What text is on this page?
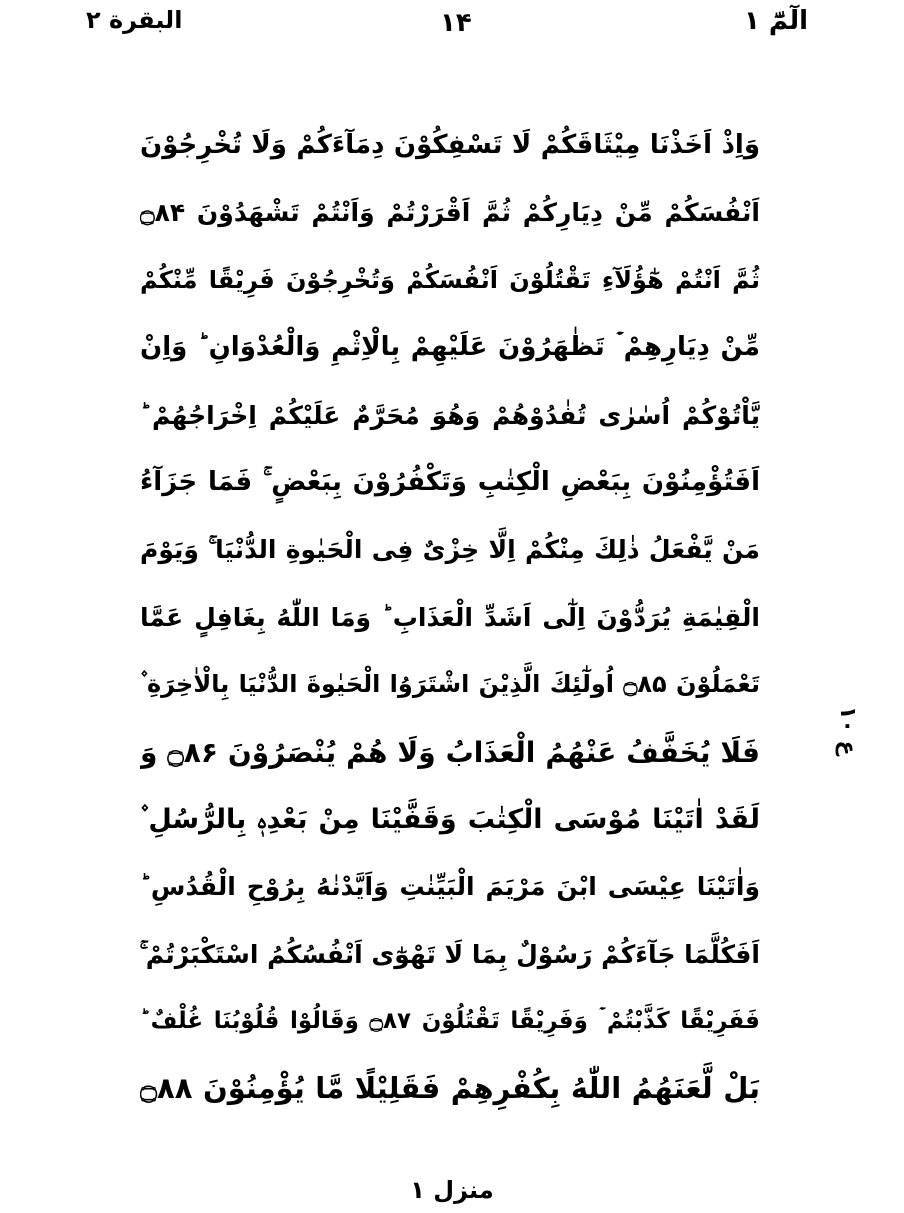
الٓمّٓ ۱
۱۴
البقرة ۲
وَاِذْ اَخَذْنَا مِيْثَاقَكُمْ لَا تَسْفِكُوْنَ دِمَآءَكُمْ وَلَا تُخْرِجُوْنَ
اَنْفُسَكُمْ مِّنْ دِيَارِكُمْ ثُمَّ اَقْرَرْتُمْ وَاَنْتُمْ تَشْهَدُوْنَ ۝۸۴
ثُمَّ اَنْتُمْ هٰٓؤُلَآءِ تَقْتُلُوْنَ اَنْفُسَكُمْ وَتُخْرِجُوْنَ فَرِيْقًا مِّنْكُمْ
مِّنْ دِيَارِهِمْ ۡ تَظٰهَرُوْنَ عَلَيْهِمْ بِالْاِثْمِ وَالْعُدْوَانِ ؕ وَاِنْ
يَّاْتُوْكُمْ اُسٰرٰى تُفٰدُوْهُمْ وَهُوَ مُحَرَّمٌ عَلَيْكُمْ اِخْرَاجُهُمْ ؕ
اَفَتُؤْمِنُوْنَ بِبَعْضِ الْكِتٰبِ وَتَكْفُرُوْنَ بِبَعْضٍ ۚ فَمَا جَزَآءُ
مَنْ يَّفْعَلُ ذٰلِكَ مِنْكُمْ اِلَّا خِزْىٌ فِى الْحَيٰوةِ الدُّنْيَا ۚ وَيَوْمَ
الْقِيٰمَةِ يُرَدُّوْنَ اِلٰٓى اَشَدِّ الْعَذَابِ ؕ وَمَا اللّٰهُ بِغَافِلٍ عَمَّا
تَعْمَلُوْنَ ۝۸۵ اُولٰٓئِكَ الَّذِيْنَ اشْتَرَوُا الْحَيٰوةَ الدُّنْيَا بِالْاٰخِرَةِ ۫
فَلَا يُخَفَّفُ عَنْهُمُ الْعَذَابُ وَلَا هُمْ يُنْصَرُوْنَ ۝۸۶ وَ
لَقَدْ اٰتَيْنَا مُوْسَى الْكِتٰبَ وَقَفَّيْنَا مِنْ بَعْدِهٖ بِالرُّسُلِ ۫
وَاٰتَيْنَا عِيْسَى ابْنَ مَرْيَمَ الْبَيِّنٰتِ وَاَيَّدْنٰهُ بِرُوْحِ الْقُدُسِ ؕ
اَفَكُلَّمَا جَآءَكُمْ رَسُوْلٌ بِمَا لَا تَهْوٰٓى اَنْفُسُكُمُ اسْتَكْبَرْتُمْ ۚ
فَفَرِيْقًا كَذَّبْتُمْ ۡ وَفَرِيْقًا تَقْتُلُوْنَ ۝۸۷ وَقَالُوْا قُلُوْبُنَا غُلْفٌ ؕ
بَلْ لَّعَنَهُمُ اللّٰهُ بِكُفْرِهِمْ فَقَلِيْلًا مَّا يُؤْمِنُوْنَ ۝۸۸
ع ۱۰
منزل ۱
